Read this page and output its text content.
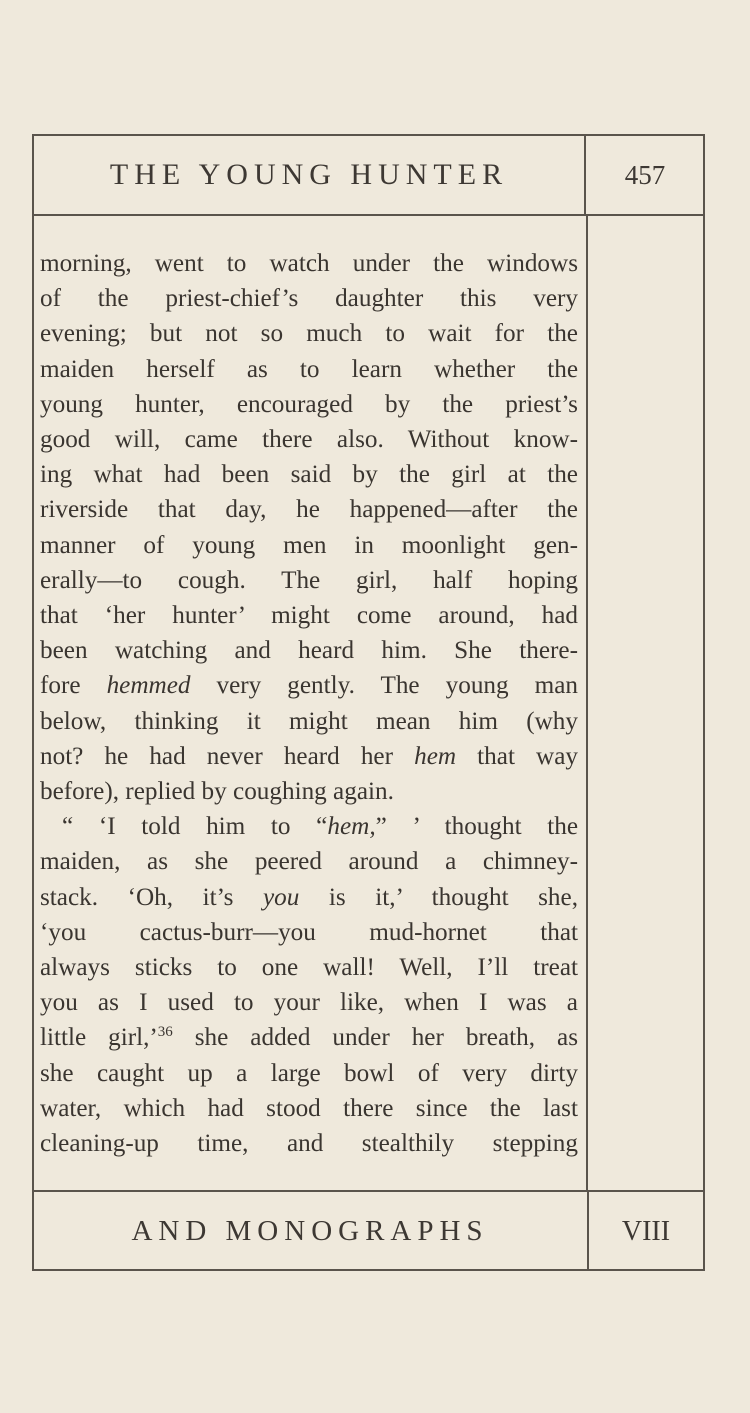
THE YOUNG HUNTER	457
morning, went to watch under the windows
of the priest-chief’s daughter this very
evening; but not so much to wait for the
maiden herself as to learn whether the
young hunter, encouraged by the priest’s
good will, came there also. Without know-
ing what had been said by the girl at the
riverside that day, he happened—after the
manner of young men in moonlight gen-
erally—to cough. The girl, half hoping
that ‘her hunter’ might come around, had
been watching and heard him. She there-
fore hemmed very gently. The young man
below, thinking it might mean him (why
not? he had never heard her hem that way
before), replied by coughing again.
“ ‘I told him to “hem,” ’ thought the
maiden, as she peered around a chimney-
stack. ‘Oh, it’s you is it,’ thought she,
‘you cactus-burr—you mud-hornet that
always sticks to one wall! Well, I’ll treat
you as I used to your like, when I was a
little girl,’$^{36}$ she added under her breath, as
she caught up a large bowl of very dirty
water, which had stood there since the last
cleaning-up time, and stealthily stepping
AND MONOGRAPHS	VIII
